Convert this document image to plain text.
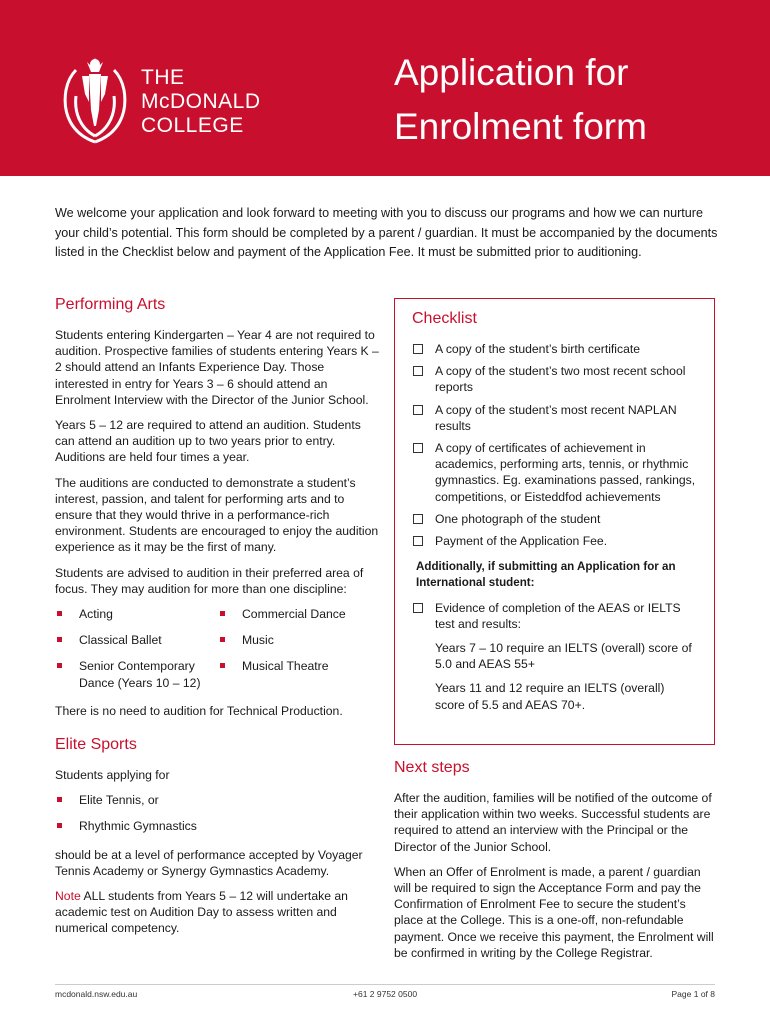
THE
McDONALD
COLLEGE
Application for
Enrolment form

We welcome your application and look forward to meeting with you to discuss our programs and how we can nurture your child’s potential. This form should be completed by a parent / guardian. It must be accompanied by the documents listed in the Checklist below and payment of the Application Fee. It must be submitted prior to auditioning.

Performing Arts

Students entering Kindergarten – Year 4 are not required to audition. Prospective families of students entering Years K – 2 should attend an Infants Experience Day. Those interested in entry for Years 3 – 6 should attend an Enrolment Interview with the Director of the Junior School.

Years 5 – 12 are required to attend an audition. Students can attend an audition up to two years prior to entry. Auditions are held four times a year.

The auditions are conducted to demonstrate a student’s interest, passion, and talent for performing arts and to ensure that they would thrive in a performance-rich environment. Students are encouraged to enjoy the audition experience as it may be the first of many.

Students are advised to audition in their preferred area of focus. They may audition for more than one discipline:

Acting	Commercial Dance
Classical Ballet	Music
Senior Contemporary Dance (Years 10 – 12)
Musical Theatre

There is no need to audition for Technical Production.

Elite Sports

Students applying for

Elite Tennis, or
Rhythmic Gymnastics

should be at a level of performance accepted by Voyager Tennis Academy or Synergy Gymnastics Academy.

Note ALL students from Years 5 – 12 will undertake an academic test on Audition Day to assess written and numerical competency.

Checklist
A copy of the student’s birth certificate
A copy of the student’s two most recent school reports
A copy of the student’s most recent NAPLAN results
A copy of certificates of achievement in academics, performing arts, tennis, or rhythmic gymnastics. Eg. examinations passed, rankings, competitions, or Eisteddfod achievements
One photograph of the student
Payment of the Application Fee.
Additionally, if submitting an Application for an International student:
Evidence of completion of the AEAS or IELTS test and results:
Years 7 – 10 require an IELTS (overall) score of 5.0 and AEAS 55+
Years 11 and 12 require an IELTS (overall) score of 5.5 and AEAS 70+.
Next steps

After the audition, families will be notified of the outcome of their application within two weeks. Successful students are required to attend an interview with the Principal or the Director of the Junior School.

When an Offer of Enrolment is made, a parent / guardian will be required to sign the Acceptance Form and pay the Confirmation of Enrolment Fee to secure the student’s place at the College. This is a one-off, non-refundable payment. Once we receive this payment, the Enrolment will be confirmed in writing by the College Registrar.

mcdonald.nsw.edu.au	+61 2 9752 0500	Page 1 of 8
